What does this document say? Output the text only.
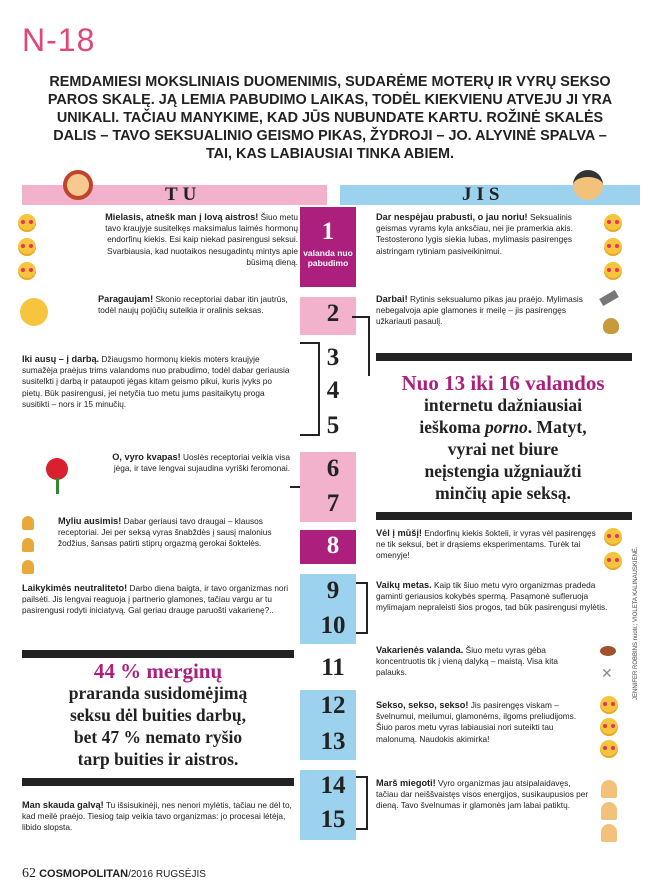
N-18
REMDAMIESI MOKSLINIAIS DUOMENIMIS, SUDARĖME MOTERŲ IR VYRŲ SEKSO PAROS SKALĘ. JĄ LEMIA PABUDIMO LAIKAS, TODĖL KIEKVIENU ATVEJU JI YRA UNIKALI. TAČIAU MANYKIME, KAD JŪS NUBUNDATE KARTU. ROŽINĖ SKALĖS DALIS – TAVO SEKSUALINIO GEISMO PIKAS, ŽYDROJI – JO. ALYVINĖ SPALVA – TAI, KAS LABIAUSIAI TINKA ABIEM.
TU	JIS
1
valanda nuo pabudimo
2
3
4
5
6
7
8
9
10
11
12
13
14
15
Mielasis, atnešk man į lovą aistros! Šiuo metu tavo kraujyje susitelkęs maksimalus laimės hormonų endorfinų kiekis. Esi kaip niekad pasirengusi seksui. Svarbiausia, kad nuotaikos nesugadintų mintys apie būsimą dieną.
Paragaujam! Skonio receptoriai dabar itin jautrūs, todėl naujų pojūčių suteikia ir oralinis seksas.
Iki ausų – į darbą. Džiaugsmo hormonų kiekis moters kraujyje sumažėja praėjus trims valandoms nuo prabudimo, todėl dabar geriausia susitelkti į darbą ir pataupoti jėgas kitam geismo pikui, kuris įvyks po pietų. Būk pasirengusi, jei netyčia tuo metu jums pasitaikytų proga susitikti – nors ir 15 minučių.
O, vyro kvapas! Uoslės receptoriai veikia visa jėga, ir tave lengvai sujaudina vyriški feromonai.
Myliu ausimis! Dabar geriausi tavo draugai – klausos receptoriai. Jei per seksą vyras šnabždės į sausį malonius žodžius, šansas patirti stiprų orgazmą gerokai šoktelės.
Laikykimės neutraliteto! Darbo diena baigta, ir tavo organizmas nori pailsėti. Jis lengvai reaguoja į partnerio glamones, tačiau vargu ar tu pasirengusi rodyti iniciatyvą. Gal geriau drauge paruošti vakarienę?..
44 % merginų
praranda susidomėjimą
seksu dėl buities darbų,
bet 47 % nemato ryšio
tarp buities ir aistros.
Man skauda galvą! Tu išsisukinėji, nes nenori mylėtis, tačiau ne dėl to, kad meilė praėjo. Tiesiog taip veikia tavo organizmas: jo procesai lėtėja, libido slopsta.
Dar nespėjau prabusti, o jau noriu! Seksualinis geismas vyrams kyla anksčiau, nei jie pramerkia akis. Testosterono lygis siekia lubas, mylimasis pasirengęs aistringam rytiniam pasiveikinimui.
Darbai! Rytinis seksualumo pikas jau praėjo. Mylimasis nebegalvoja apie glamones ir meilę – jis pasirengęs užkariauti pasaulį.
Nuo 13 iki 16 valandos
internetu dažniausiai
ieškoma porno. Matyt,
vyrai net biure
neįstengia užgniaužti
minčių apie seksą.
Vėl į mūšį! Endorfinų kiekis šokteli, ir vyras vėl pasirengęs ne tik seksui, bet ir drąsiems eksperimentams. Turėk tai omenyje!
Vaikų metas. Kaip tik šiuo metu vyro organizmas pradeda gaminti geriausios kokybės spermą. Pasąmonė sufleruoja mylimajam nepraleisti šios progos, tad būk pasirengusi mylėtis.
Vakarienės valanda. Šiuo metu vyras gėba koncentruotis tik į vieną dalyką – maistą. Visa kita palauks.	✕
Sekso, sekso, sekso! Jis pasirengęs viskam – švelnumui, meilumui, glamonėms, ilgoms preliudijoms. Šiuo paros metu vyras labiausiai nori suteikti tau malonumą. Naudokis akimirka!
Marš miegoti! Vyro organizmas jau atsipalaidavęs, tačiau dar neiššvaistęs visos energijos, susikaupusios per dieną. Tavo švelnumas ir glamonės jam labai patiktų.
JENNIFER ROBBINS nuotr.; VIOLETA KALINAUSKIENĖ.
62 COSMOPOLITAN/2016 RUGSĖJIS
